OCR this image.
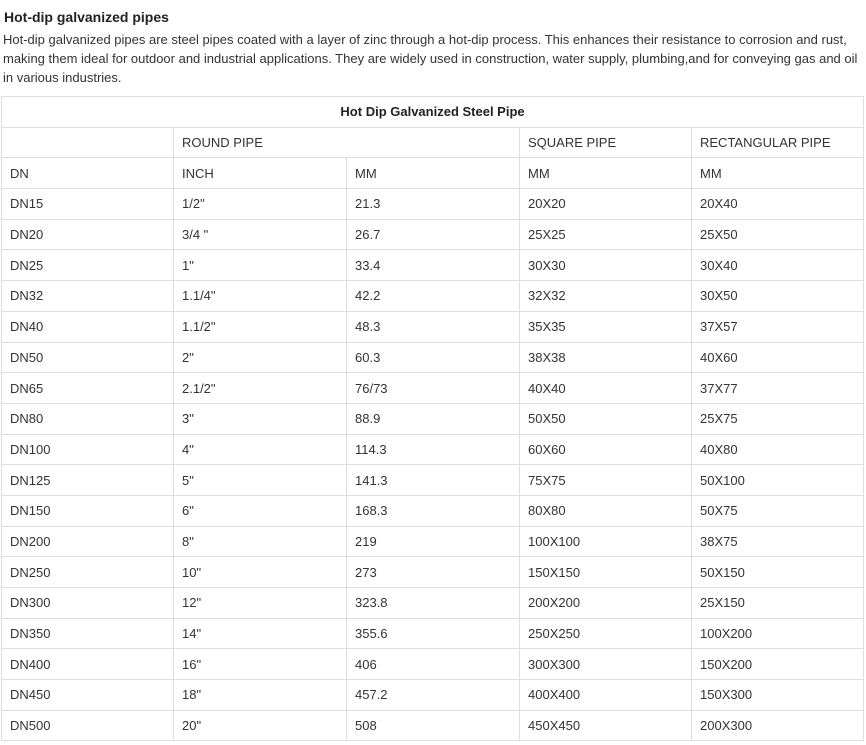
Hot-dip galvanized pipes
Hot-dip galvanized pipes are steel pipes coated with a layer of zinc through a hot-dip process. This enhances their resistance to corrosion and rust, making them ideal for outdoor and industrial applications. They are widely used in construction, water supply, plumbing,and for conveying gas and oil in various industries.
Hot Dip Galvanized Steel Pipe				
	ROUND PIPE		SQUARE PIPE	RECTANGULAR PIPE
DN	INCH	MM	MM	MM
DN15	1/2"	21.3	20X20	20X40
DN20	3/4 "	26.7	25X25	25X50
DN25	1"	33.4	30X30	30X40
DN32	1.1/4"	42.2	32X32	30X50
DN40	1.1/2"	48.3	35X35	37X57
DN50	2"	60.3	38X38	40X60
DN65	2.1/2"	76/73	40X40	37X77
DN80	3"	88.9	50X50	25X75
DN100	4"	114.3	60X60	40X80
DN125	5"	141.3	75X75	50X100
DN150	6"	168.3	80X80	50X75
DN200	8"	219	100X100	38X75
DN250	10"	273	150X150	50X150
DN300	12"	323.8	200X200	25X150
DN350	14"	355.6	250X250	100X200
DN400	16"	406	300X300	150X200
DN450	18"	457.2	400X400	150X300
DN500	20"	508	450X450	200X300
